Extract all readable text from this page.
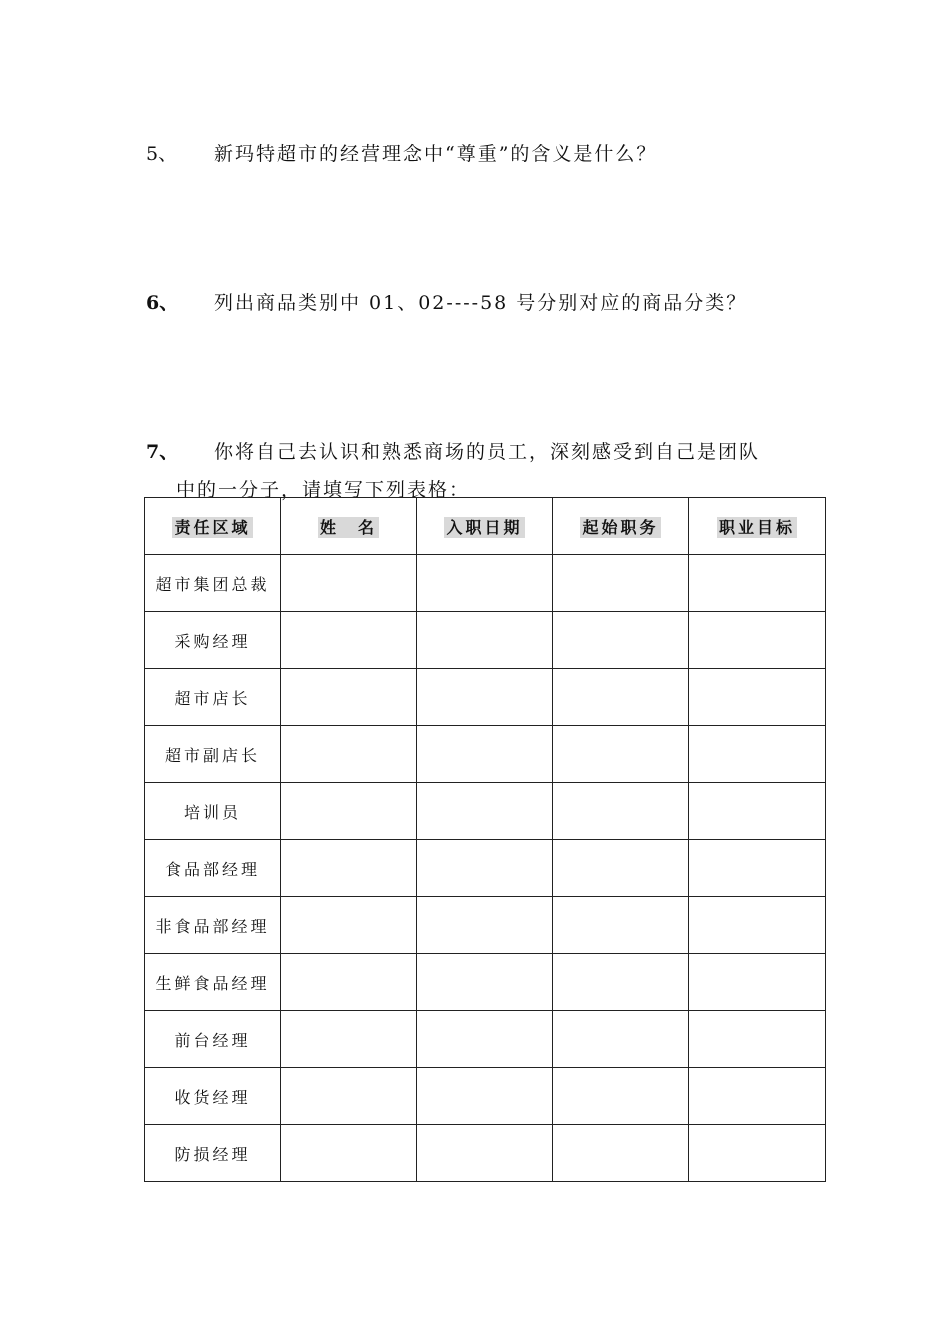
5、 新玛特超市的经营理念中“尊重”的含义是什么？
6、 列出商品类别中 01、02----58 号分别对应的商品分类？
7、 你将自己去认识和熟悉商场的员工，深刻感受到自己是团队
中的一分子，请填写下列表格：
责任区域	姓　名	入职日期	起始职务	职业目标
超市集团总裁				
采购经理				
超市店长				
超市副店长				
培训员				
食品部经理				
非食品部经理				
生鲜食品经理				
前台经理				
收货经理				
防损经理				
